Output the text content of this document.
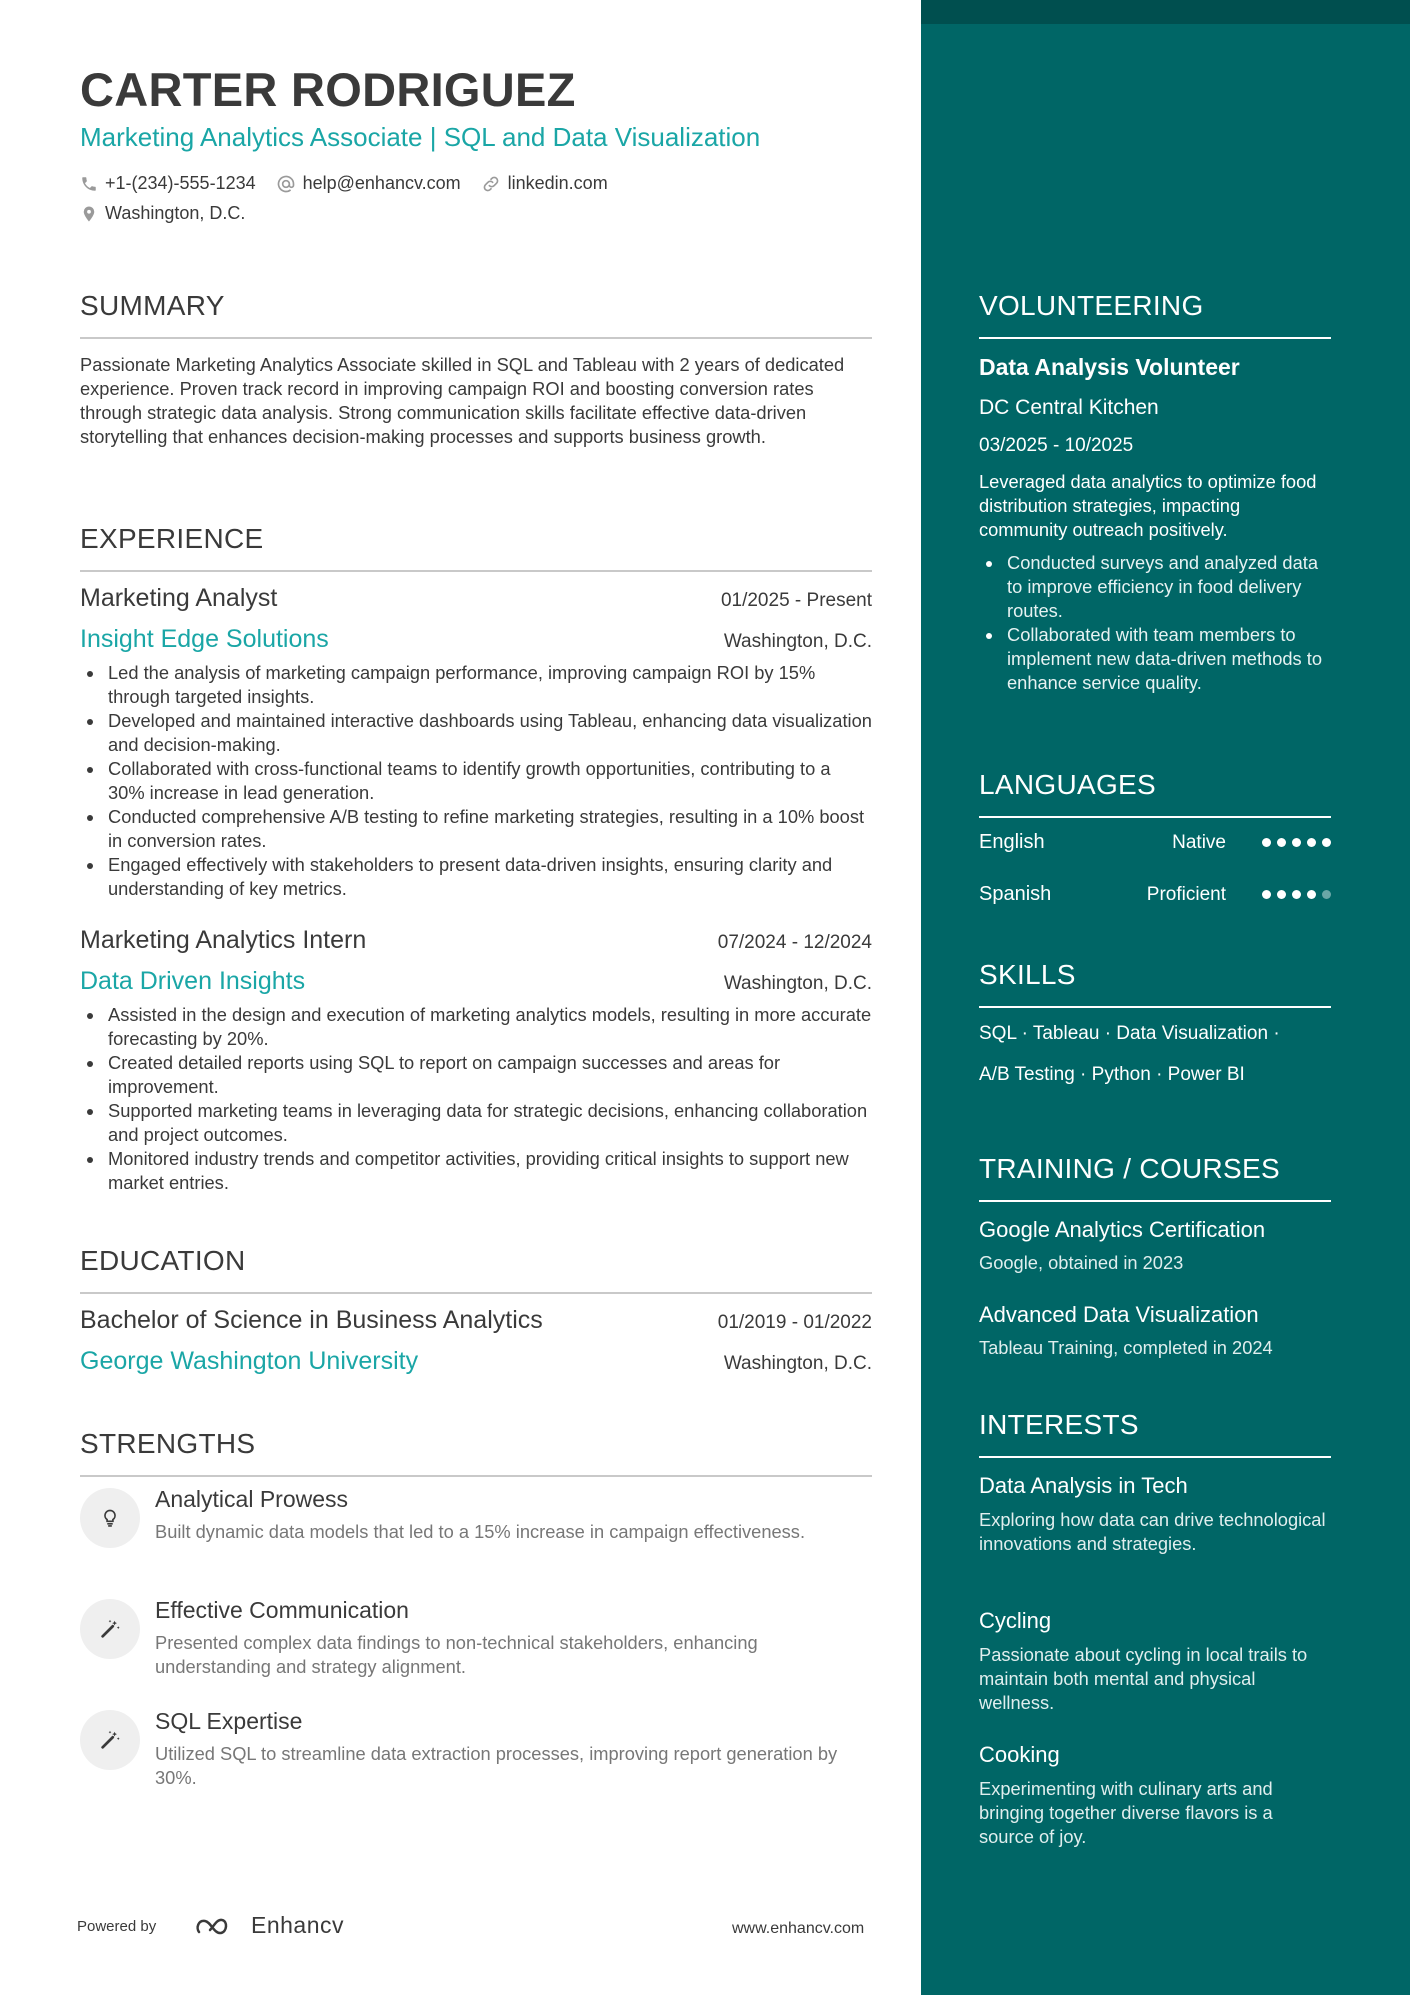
CARTER RODRIGUEZ
Marketing Analytics Associate | SQL and Data Visualization
+1-(234)-555-1234	help@enhancv.com	linkedin.com
Washington, D.C.
SUMMARY
Passionate Marketing Analytics Associate skilled in SQL and Tableau with 2 years of dedicated experience. Proven track record in improving campaign ROI and boosting conversion rates through strategic data analysis. Strong communication skills facilitate effective data-driven storytelling that enhances decision-making processes and supports business growth.
EXPERIENCE
Marketing Analyst	01/2025 - Present
Insight Edge Solutions	Washington, D.C.
Led the analysis of marketing campaign performance, improving campaign ROI by 15% through targeted insights.
Developed and maintained interactive dashboards using Tableau, enhancing data visualization and decision-making.
Collaborated with cross-functional teams to identify growth opportunities, contributing to a 30% increase in lead generation.
Conducted comprehensive A/B testing to refine marketing strategies, resulting in a 10% boost in conversion rates.
Engaged effectively with stakeholders to present data-driven insights, ensuring clarity and understanding of key metrics.
Marketing Analytics Intern	07/2024 - 12/2024
Data Driven Insights	Washington, D.C.
Assisted in the design and execution of marketing analytics models, resulting in more accurate forecasting by 20%.
Created detailed reports using SQL to report on campaign successes and areas for improvement.
Supported marketing teams in leveraging data for strategic decisions, enhancing collaboration and project outcomes.
Monitored industry trends and competitor activities, providing critical insights to support new market entries.
EDUCATION
Bachelor of Science in Business Analytics	01/2019 - 01/2022
George Washington University	Washington, D.C.
STRENGTHS
Analytical Prowess
Built dynamic data models that led to a 15% increase in campaign effectiveness.
Effective Communication
Presented complex data findings to non-technical stakeholders, enhancing understanding and strategy alignment.
SQL Expertise
Utilized SQL to streamline data extraction processes, improving report generation by 30%.
Powered by	Enhancv	www.enhancv.com
VOLUNTEERING
Data Analysis Volunteer
DC Central Kitchen
03/2025 - 10/2025
Leveraged data analytics to optimize food distribution strategies, impacting community outreach positively.
Conducted surveys and analyzed data to improve efficiency in food delivery routes.
Collaborated with team members to implement new data-driven methods to enhance service quality.
LANGUAGES
English	Native
Spanish	Proficient
SKILLS
SQL · Tableau · Data Visualization ·
A/B Testing · Python · Power BI
TRAINING / COURSES
Google Analytics Certification
Google, obtained in 2023
Advanced Data Visualization
Tableau Training, completed in 2024
INTERESTS
Data Analysis in Tech
Exploring how data can drive technological innovations and strategies.
Cycling
Passionate about cycling in local trails to maintain both mental and physical wellness.
Cooking
Experimenting with culinary arts and bringing together diverse flavors is a source of joy.
